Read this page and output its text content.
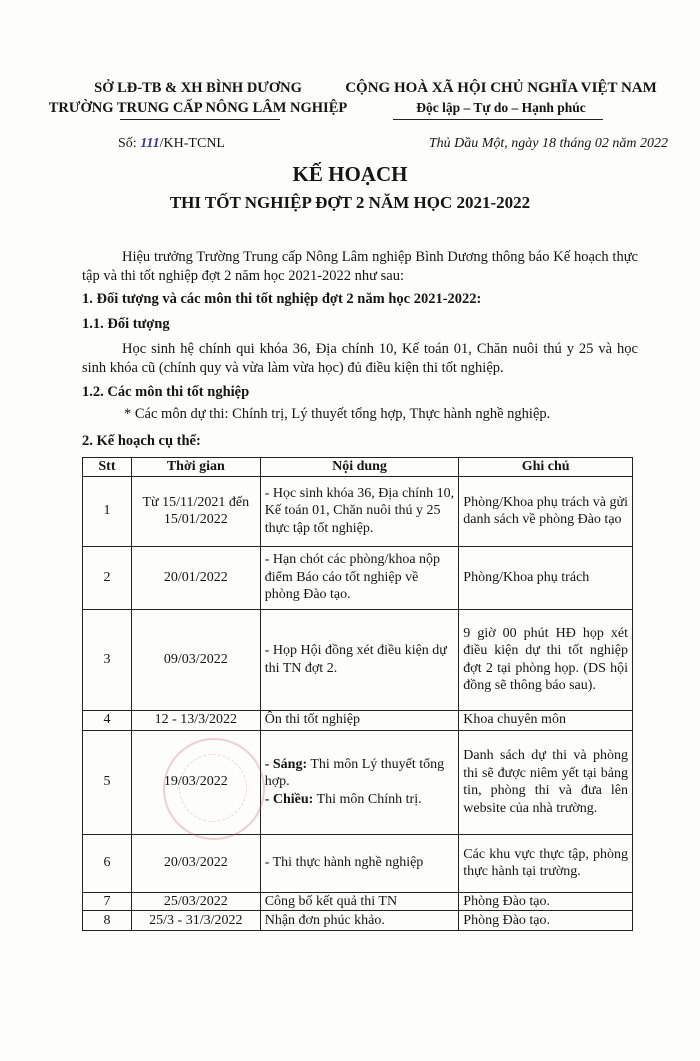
SỞ LĐ-TB & XH BÌNH DƯƠNG
TRƯỜNG TRUNG CẤP NÔNG LÂM NGHIỆP
CỘNG HOÀ XÃ HỘI CHỦ NGHĨA VIỆT NAM
Độc lập – Tự do – Hạnh phúc
Số: 111/KH-TCNL	Thủ Dầu Một, ngày 18 tháng 02 năm 2022
KẾ HOẠCH
THI TỐT NGHIỆP ĐỢT 2 NĂM HỌC 2021-2022
Hiệu trưởng Trường Trung cấp Nông Lâm nghiệp Bình Dương thông báo Kế hoạch thực tập và thi tốt nghiệp đợt 2 năm học 2021-2022 như sau:
1. Đối tượng và các môn thi tốt nghiệp đợt 2 năm học 2021-2022:
1.1. Đối tượng
Học sinh hệ chính qui khóa 36, Địa chính 10, Kế toán 01, Chăn nuôi thú y 25 và học sinh khóa cũ (chính quy và vừa làm vừa học) đủ điều kiện thi tốt nghiệp.
1.2. Các môn thi tốt nghiệp
* Các môn dự thi: Chính trị, Lý thuyết tổng hợp, Thực hành nghề nghiệp.
2. Kế hoạch cụ thể:
Stt	Thời gian	Nội dung	Ghi chú
1	Từ 15/11/2021 đến 15/01/2022	- Học sinh khóa 36, Địa chính 10, Kế toán 01, Chăn nuôi thú y 25 thực tập tốt nghiệp.	Phòng/Khoa phụ trách và gửi danh sách về phòng Đào tạo
2	20/01/2022	- Hạn chót các phòng/khoa nộp điểm Báo cáo tốt nghiệp về phòng Đào tạo.	Phòng/Khoa phụ trách
3	09/03/2022	- Họp Hội đồng xét điều kiện dự thi TN đợt 2.	9 giờ 00 phút HĐ họp xét điều kiện dự thi tốt nghiệp đợt 2 tại phòng họp. (DS hội đồng sẽ thông báo sau).
4	12 - 13/3/2022	Ôn thi tốt nghiệp	Khoa chuyên môn
5	19/03/2022	- Sáng: Thi môn Lý thuyết tổng hợp.
- Chiều: Thi môn Chính trị.	Danh sách dự thi và phòng thi sẽ được niêm yết tại bảng tin, phòng thi và đưa lên website của nhà trường.
6	20/03/2022	- Thi thực hành nghề nghiệp	Các khu vực thực tập, phòng thực hành tại trường.
7	25/03/2022	Công bố kết quả thi TN	Phòng Đào tạo.
8	25/3 - 31/3/2022	Nhận đơn phúc khảo.	Phòng Đào tạo.
